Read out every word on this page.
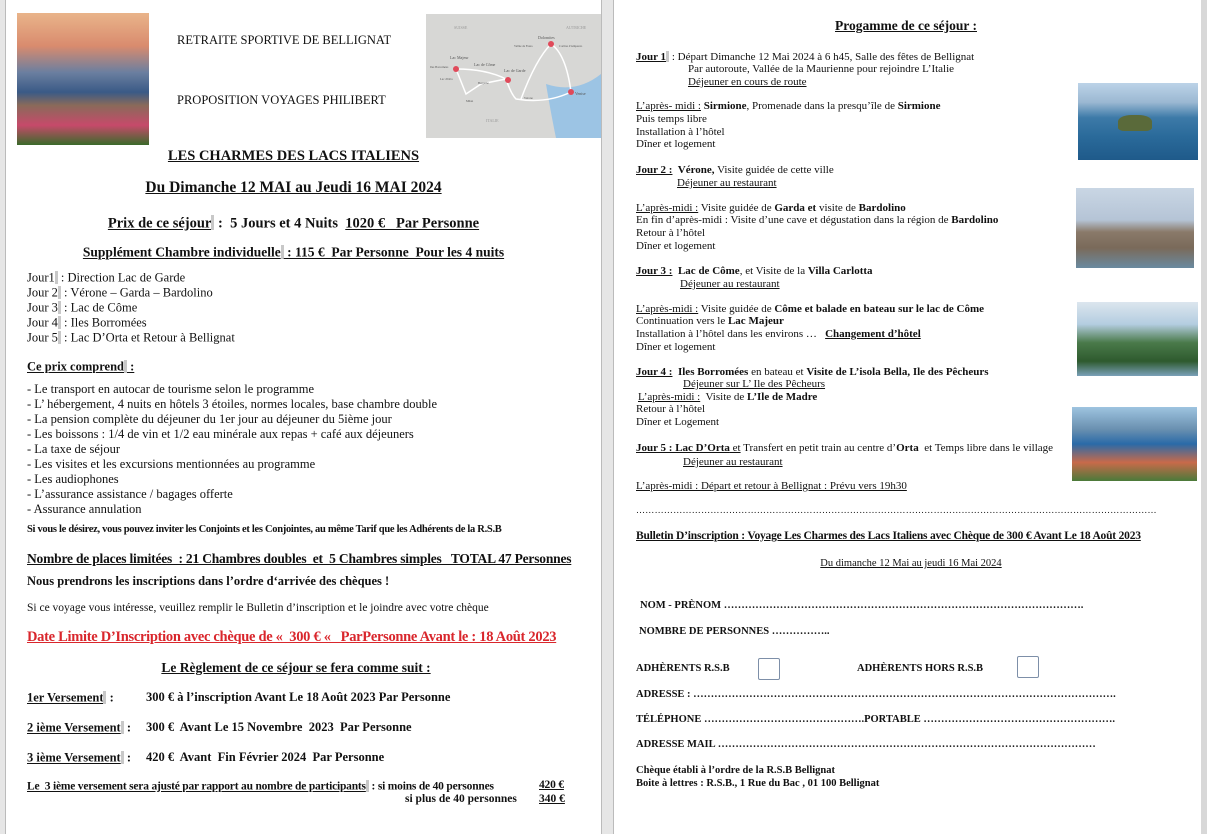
RETRAITE SPORTIVE DE BELLIGNAT
PROPOSITION VOYAGES PHILIBERT
SUISSE	AUTRICHE
ITALIE
Lac Majeur
Lac de Côme
Lac de Garde
Dolomites
Vallée de Fassa	Cortina d'Ampezzo
Venise
Vérone
Milan
Bergame
Lac d'Orta
Iles Borromées
LES CHARMES DES LACS ITALIENS
Du Dimanche 12 MAI au Jeudi 16 MAI 2024
Prix de ce séjour :  5 Jours et 4 Nuits  1020 €   Par Personne
Supplément Chambre individuelle : 115 €  Par Personne  Pour les 4 nuits
Jour1 : Direction Lac de Garde
Jour 2 : Vérone – Garda – Bardolino
Jour 3 : Lac de Côme
Jour 4 : Iles Borromées
Jour 5 : Lac D’Orta et Retour à Bellignat
Ce prix comprend :
- Le transport en autocar de tourisme selon le programme
- L’ hébergement, 4 nuits en hôtels 3 étoiles, normes locales, base chambre double
- La pension complète du déjeuner du 1er jour au déjeuner du 5ième jour
- Les boissons : 1/4 de vin et 1/2 eau minérale aux repas + café aux déjeuners
- La taxe de séjour
- Les visites et les excursions mentionnées au programme
- Les audiophones
- L’assurance assistance / bagages offerte
- Assurance annulation
Si vous le désirez, vous pouvez inviter les Conjoints et les Conjointes, au même Tarif que les Adhérents de la R.S.B
Nombre de places limitées  : 21 Chambres doubles  et  5 Chambres simples   TOTAL 47 Personnes
Nous prendrons les inscriptions dans l’ordre d‘arrivée des chèques !
Si ce voyage vous intéresse, veuillez remplir le Bulletin d’inscription et le joindre avec votre chèque
Date Limite D’Inscription avec chèque de «  300 € «   ParPersonne Avant le : 18 Août 2023
Le Règlement de ce séjour se fera comme suit :
1er Versement :	300 € à l’inscription Avant Le 18 Août 2023 Par Personne
2 ième Versement : 300 €  Avant Le 15 Novembre  2023  Par Personne
3 ième Versement : 420 €  Avant  Fin Février 2024  Par Personne
Le  3 ième versement sera ajusté par rapport au nombre de participants : si moins de 40 personnes	420 €
si plus de 40 personnes 340 €
Progamme de ce séjour :
Jour 1 : Départ Dimanche 12 Mai 2024 à 6 h45, Salle des fêtes de Bellignat
Par autoroute, Vallée de la Maurienne pour rejoindre L’Italie
Déjeuner en cours de route
L’après- midi : Sirmione, Promenade dans la presqu’île de Sirmione
Puis temps libre
Installation à l’hôtel
Dîner et logement
Jour 2 :  Vérone, Visite guidée de cette ville
Déjeuner au restaurant
L’après-midi : Visite guidée de Garda et visite de Bardolino
En fin d’après-midi : Visite d’une cave et dégustation dans la région de Bardolino
Retour à l’hôtel
Dîner et logement
Jour 3 :  Lac de Côme, et Visite de la Villa Carlotta
Déjeuner au restaurant
L’après-midi : Visite guidée de Côme et balade en bateau sur le lac de Côme
Continuation vers le Lac Majeur
Installation à l’hôtel dans les environs …   Changement d’hôtel
Dîner et logement
Jour 4 :  Iles Borromées en bateau et Visite de L’isola Bella, Ile des Pêcheurs
Déjeuner sur L’ Ile des Pêcheurs
L’après-midi :  Visite de L’Ile de Madre
Retour à l’hôtel
Dîner et Logement
Jour 5 : Lac D’Orta et Transfert en petit train au centre d’Orta  et Temps libre dans le village
Déjeuner au restaurant
L’après-midi : Départ et retour à Bellignat : Prévu vers 19h30
……………………………………………………………………………………………………………………………………………………
Bulletin D’inscription : Voyage Les Charmes des Lacs Italiens avec Chèque de 300 € Avant Le 18 Août 2023
Du dimanche 12 Mai au jeudi 16 Mai 2024
NOM - PRÈNOM ………………………………………………………………………………………….
NOMBRE DE PERSONNES ……………..
ADHÈRENTS R.S.B	ADHÈRENTS HORS R.S.B
ADRESSE : ………………………………………………………………………………………………………….
TÉLÉPHONE ……………………………………….PORTABLE ……………………………………………….
ADRESSE MAIL ………………………………………………………………………………………………
Chèque établi à l’ordre de la R.S.B Bellignat
Boite à lettres : R.S.B., 1 Rue du Bac , 01 100 Bellignat
